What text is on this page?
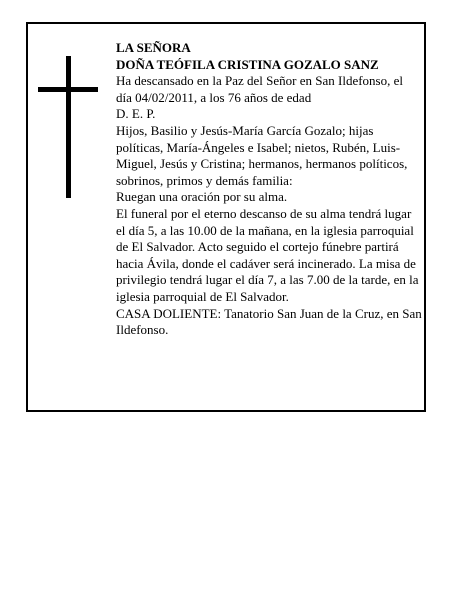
LA SEÑORA

DOÑA TEÓFILA CRISTINA GOZALO SANZ

Ha descansado en la Paz del Señor en San Ildefonso, el día 04/02/2011, a los 76 años de edad

D. E. P.

Hijos, Basilio y Jesús-María García Gozalo; hijas políticas, María-Ángeles e Isabel; nietos, Rubén, Luis-Miguel, Jesús y Cristina; hermanos, hermanos políticos, sobrinos, primos y demás familia:

Ruegan una oración por su alma.

El funeral por el eterno descanso de su alma tendrá lugar el día 5, a las 10.00 de la mañana, en la iglesia parroquial de El Salvador. Acto seguido el cortejo fúnebre partirá hacia Ávila, donde el cadáver será incinerado. La misa de privilegio tendrá lugar el día 7, a las 7.00 de la tarde, en la iglesia parroquial de El Salvador.

CASA DOLIENTE: Tanatorio San Juan de la Cruz, en San Ildefonso.
